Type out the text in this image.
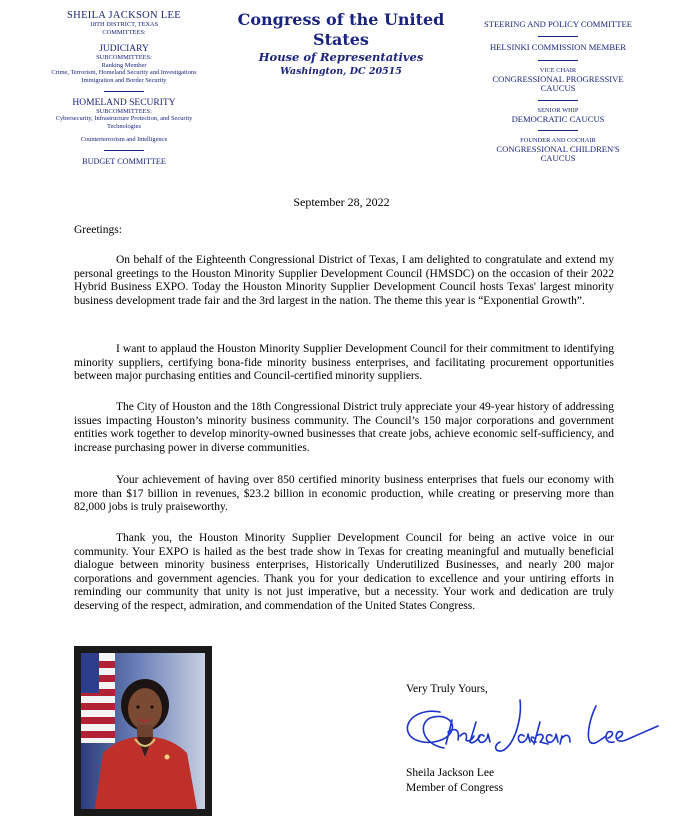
SHEILA JACKSON LEE
18TH DISTRICT, TEXAS
COMMITTEES:
JUDICIARY
SUBCOMMITTEES:
Ranking Member
Crime, Terrorism, Homeland Security and Investigations
Immigration and Border Security
HOMELAND SECURITY
SUBCOMMITTEES:
Cybersecurity, Infrastructure Protection, and Security Technologies
Counterterrorism and Intelligence
BUDGET COMMITTEE
Congress of the United States
House of Representatives
Washington, DC 20515
STEERING AND POLICY COMMITTEE
HELSINKI COMMISSION MEMBER
VICE CHAIR
CONGRESSIONAL PROGRESSIVE CAUCUS
SENIOR WHIP
DEMOCRATIC CAUCUS
FOUNDER AND COCHAIR
CONGRESSIONAL CHILDREN'S CAUCUS
September 28, 2022
Greetings:

On behalf of the Eighteenth Congressional District of Texas, I am delighted to congratulate and extend my personal greetings to the Houston Minority Supplier Development Council (HMSDC) on the occasion of their 2022 Hybrid Business EXPO. Today the Houston Minority Supplier Development Council hosts Texas' largest minority business development trade fair and the 3rd largest in the nation. The theme this year is “Exponential Growth”.

I want to applaud the Houston Minority Supplier Development Council for their commitment to identifying minority suppliers, certifying bona-fide minority business enterprises, and facilitating procurement opportunities between major purchasing entities and Council-certified minority suppliers.

The City of Houston and the 18th Congressional District truly appreciate your 49-year history of addressing issues impacting Houston’s minority business community. The Council’s 150 major corporations and government entities work together to develop minority-owned businesses that create jobs, achieve economic self-sufficiency, and increase purchasing power in diverse communities.

Your achievement of having over 850 certified minority business enterprises that fuels our economy with more than $17 billion in revenues, $23.2 billion in economic production, while creating or preserving more than 82,000 jobs is truly praiseworthy.

Thank you, the Houston Minority Supplier Development Council for being an active voice in our community. Your EXPO is hailed as the best trade show in Texas for creating meaningful and mutually beneficial dialogue between minority business enterprises, Historically Underutilized Businesses, and nearly 200 major corporations and government agencies. Thank you for your dedication to excellence and your untiring efforts in reminding our community that unity is not just imperative, but a necessity. Your work and dedication are truly deserving of the respect, admiration, and commendation of the United States Congress.

Very Truly Yours,
Sheila Jackson Lee
Member of Congress
